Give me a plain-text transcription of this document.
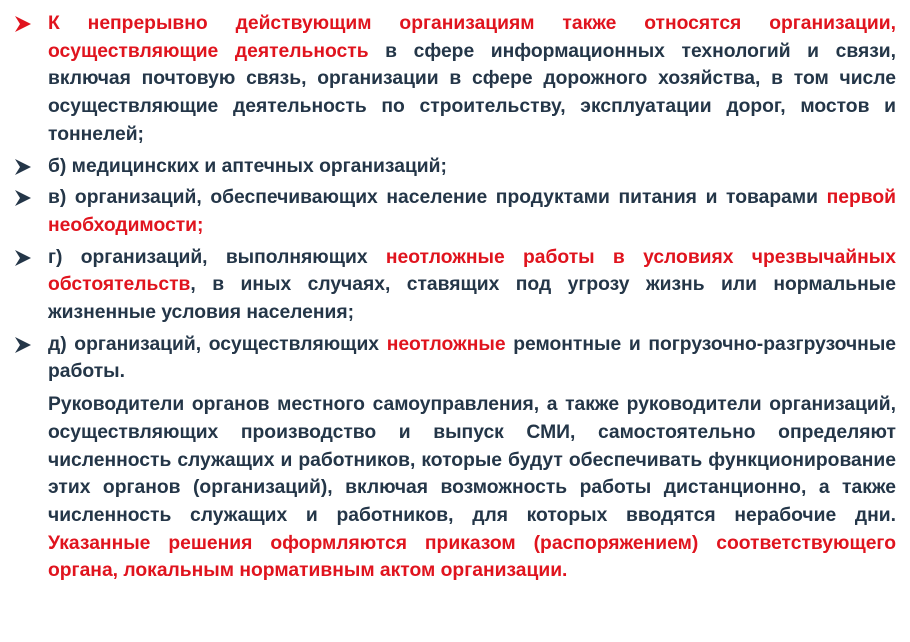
К непрерывно действующим организациям также относятся организации, осуществляющие деятельность в сфере информационных технологий и связи, включая почтовую связь, организации в сфере дорожного хозяйства, в том числе осуществляющие деятельность по строительству, эксплуатации дорог, мостов и тоннелей;
б) медицинских и аптечных организаций;
в) организаций, обеспечивающих население продуктами питания и товарами первой необходимости;
г) организаций, выполняющих неотложные работы в условиях чрезвычайных обстоятельств, в иных случаях, ставящих под угрозу жизнь или нормальные жизненные условия населения;
д) организаций, осуществляющих неотложные ремонтные и погрузочно-разгрузочные работы.
Руководители органов местного самоуправления, а также руководители организаций, осуществляющих производство и выпуск СМИ, самостоятельно определяют численность служащих и работников, которые будут обеспечивать функционирование этих органов (организаций), включая возможность работы дистанционно, а также численность служащих и работников, для которых вводятся нерабочие дни. Указанные решения оформляются приказом (распоряжением) соответствующего органа, локальным нормативным актом организации.
